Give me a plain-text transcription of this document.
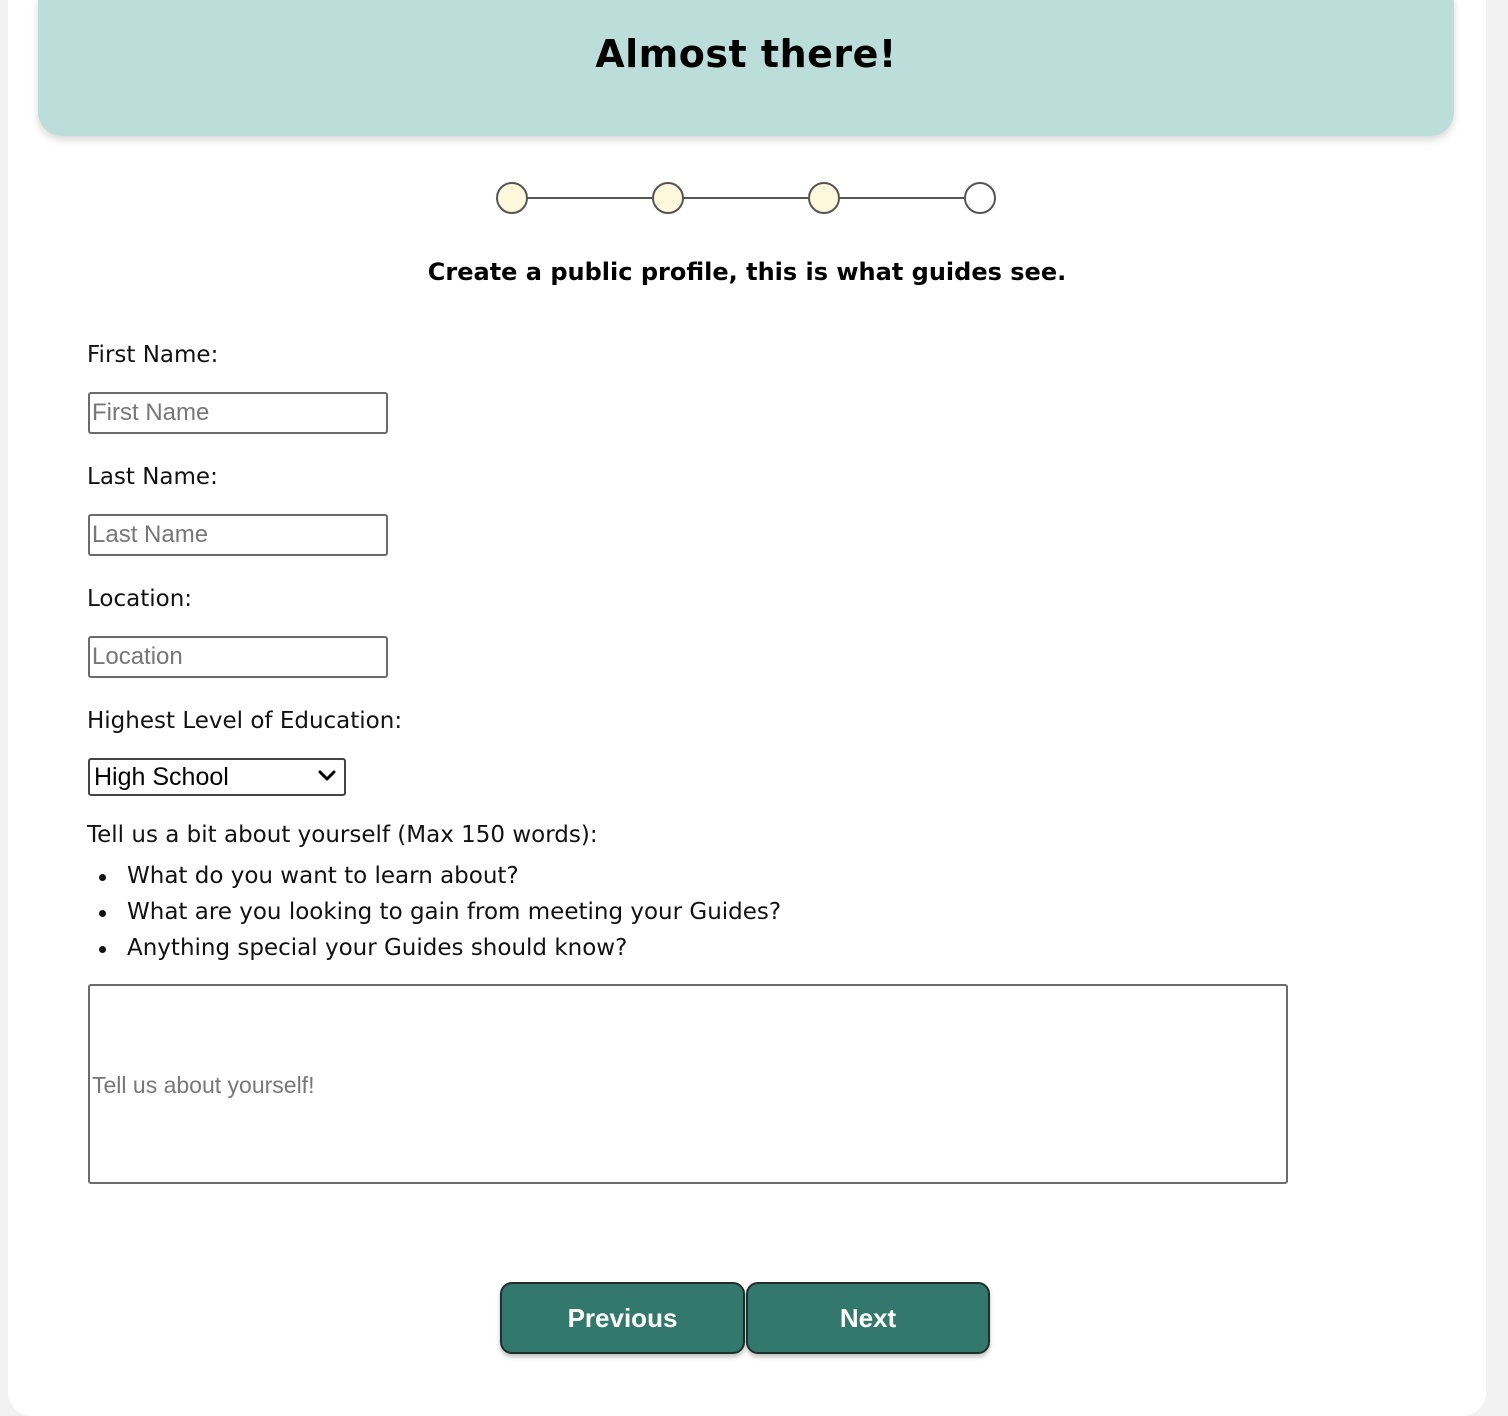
Almost there!
Create a public profile, this is what guides see.
First Name:
First Name
Last Name:
Last Name
Location:
Location
Highest Level of Education:
High School
Tell us a bit about yourself (Max 150 words):
What do you want to learn about?
What are you looking to gain from meeting your Guides?
Anything special your Guides should know?
Tell us about yourself!
Previous	Next
